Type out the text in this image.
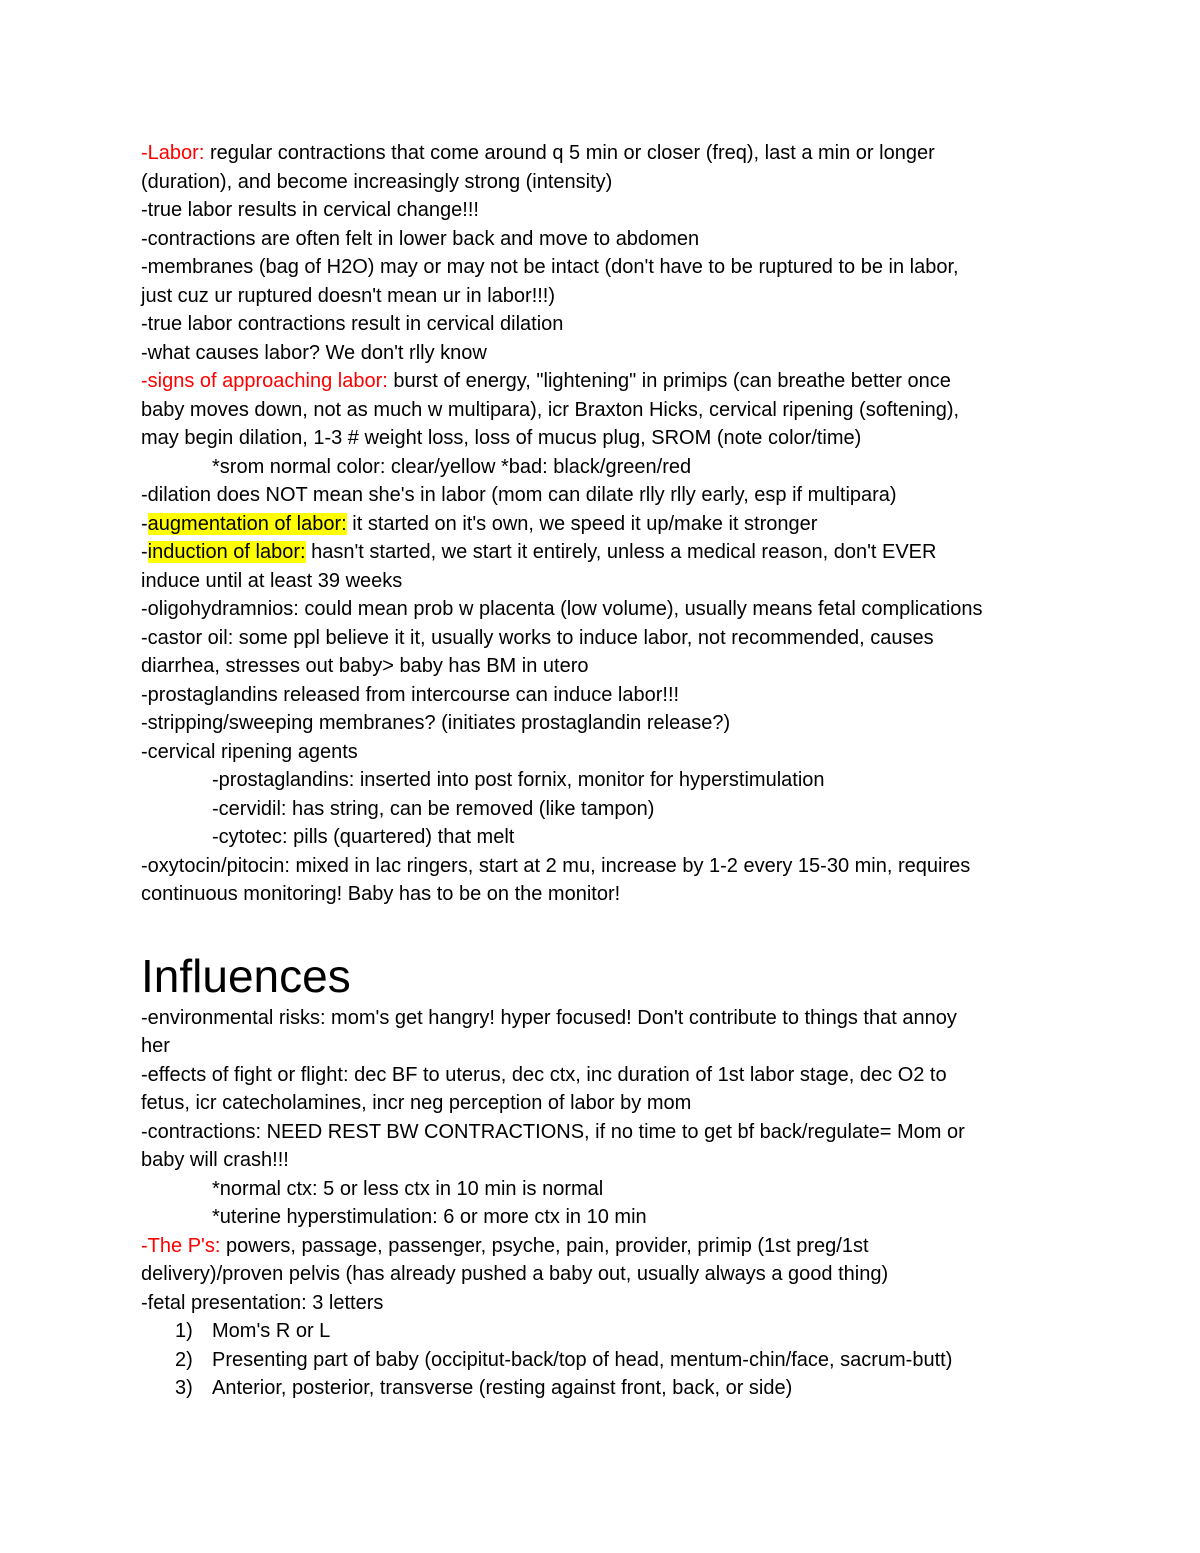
-Labor: regular contractions that come around q 5 min or closer (freq), last a min or longer
(duration), and become increasingly strong (intensity)
-true labor results in cervical change!!!
-contractions are often felt in lower back and move to abdomen
-membranes (bag of H2O) may or may not be intact (don't have to be ruptured to be in labor,
just cuz ur ruptured doesn't mean ur in labor!!!)
-true labor contractions result in cervical dilation
-what causes labor? We don't rlly know
-signs of approaching labor: burst of energy, "lightening" in primips (can breathe better once
baby moves down, not as much w multipara), icr Braxton Hicks, cervical ripening (softening),
may begin dilation, 1-3 # weight loss, loss of mucus plug, SROM (note color/time)
*srom normal color: clear/yellow *bad: black/green/red
-dilation does NOT mean she's in labor (mom can dilate rlly rlly early, esp if multipara)
-augmentation of labor: it started on it's own, we speed it up/make it stronger
-induction of labor: hasn't started, we start it entirely, unless a medical reason, don't EVER
induce until at least 39 weeks
-oligohydramnios: could mean prob w placenta (low volume), usually means fetal complications
-castor oil: some ppl believe it it, usually works to induce labor, not recommended, causes
diarrhea, stresses out baby> baby has BM in utero
-prostaglandins released from intercourse can induce labor!!!
-stripping/sweeping membranes? (initiates prostaglandin release?)
-cervical ripening agents
-prostaglandins: inserted into post fornix, monitor for hyperstimulation
-cervidil: has string, can be removed (like tampon)
-cytotec: pills (quartered) that melt
-oxytocin/pitocin: mixed in lac ringers, start at 2 mu, increase by 1-2 every 15-30 min, requires
continuous monitoring! Baby has to be on the monitor!
Influences
-environmental risks: mom's get hangry! hyper focused! Don't contribute to things that annoy
her
-effects of fight or flight: dec BF to uterus, dec ctx, inc duration of 1st labor stage, dec O2 to
fetus, icr catecholamines, incr neg perception of labor by mom
-contractions: NEED REST BW CONTRACTIONS, if no time to get bf back/regulate= Mom or
baby will crash!!!
*normal ctx: 5 or less ctx in 10 min is normal
*uterine hyperstimulation: 6 or more ctx in 10 min
-The P's: powers, passage, passenger, psyche, pain, provider, primip (1st preg/1st
delivery)/proven pelvis (has already pushed a baby out, usually always a good thing)
-fetal presentation: 3 letters
1) Mom's R or L
2) Presenting part of baby (occipitut-back/top of head, mentum-chin/face, sacrum-butt)
3) Anterior, posterior, transverse (resting against front, back, or side)
